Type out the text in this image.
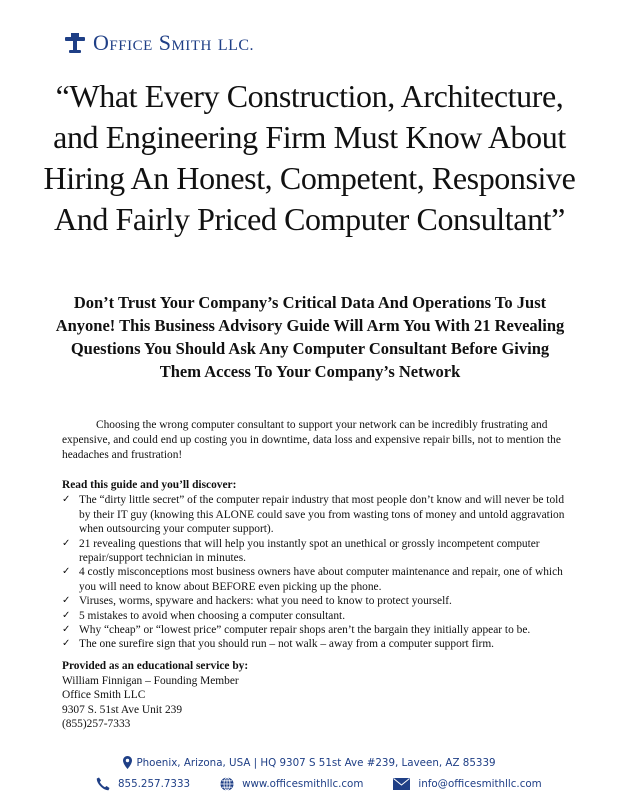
Office Smith LLC.
“What Every Construction, Architecture, and Engineering Firm Must Know About Hiring An Honest, Competent, Responsive And Fairly Priced Computer Consultant”
Don’t Trust Your Company’s Critical Data And Operations To Just Anyone! This Business Advisory Guide Will Arm You With 21 Revealing Questions You Should Ask Any Computer Consultant Before Giving Them Access To Your Company’s Network

Choosing the wrong computer consultant to support your network can be incredibly frustrating and expensive, and could end up costing you in downtime, data loss and expensive repair bills, not to mention the headaches and frustration!

Read this guide and you’ll discover:

✓ The “dirty little secret” of the computer repair industry that most people don’t know and will never be told by their IT guy (knowing this ALONE could save you from wasting tons of money and untold aggravation when outsourcing your computer support).
✓ 21 revealing questions that will help you instantly spot an unethical or grossly incompetent computer repair/support technician in minutes.
✓ 4 costly misconceptions most business owners have about computer maintenance and repair, one of which you will need to know about BEFORE even picking up the phone.
✓ Viruses, worms, spyware and hackers: what you need to know to protect yourself.
✓ 5 mistakes to avoid when choosing a computer consultant.
✓ Why “cheap” or “lowest price” computer repair shops aren’t the bargain they initially appear to be.
✓ The one surefire sign that you should run – not walk – away from a computer support firm.
Provided as an educational service by:
William Finnigan – Founding Member
Office Smith LLC
9307 S. 51st Ave Unit 239
(855)257-7333
Phoenix, Arizona, USA | HQ 9307 S 51st Ave #239, Laveen, AZ 85339
855.257.7333	www.officesmithllc.com	info@officesmithllc.com
